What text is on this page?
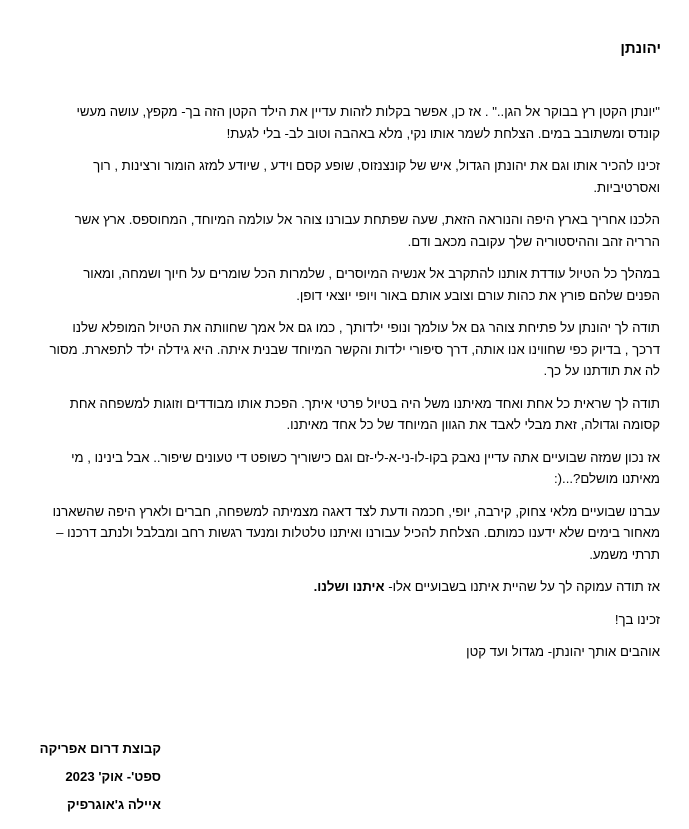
יהונתן

"יונתן הקטן רץ בבוקר אל הגן.." . אז כן, אפשר בקלות לזהות עדיין את הילד הקטן הזה בך- מקפץ, עושה מעשי קונדס ומשתובב במים. הצלחת לשמר אותו נקי, מלא באהבה וטוב לב- בלי לגעת!

זכינו להכיר אותו וגם את יהונתן הגדול, איש של קונצנזוס, שופע קסם וידע , שיודע למזג הומור ורצינות , רוך ואסרטיביות.

הלכנו אחריך בארץ היפה והנוראה הזאת, שעה שפתחת עבורנו צוהר אל עולמה המיוחד, המחוספס. ארץ אשר הרריה זהב וההיסטוריה שלך עקובה מכאב ודם.

במהלך כל הטיול עודדת אותנו להתקרב אל אנשיה המיוסרים , שלמרות הכל שומרים על חיוך ושמחה, ומאור הפנים שלהם פורץ את כהות עורם וצובע אותם באור ויופי יוצאי דופן.

תודה לך יהונתן על פתיחת צוהר גם אל עולמך ונופי ילדותך , כמו גם אל אמך שחוותה את הטיול המופלא שלנו דרכך , בדיוק כפי שחווינו אנו אותה, דרך סיפורי ילדות והקשר המיוחד שבנית איתה. היא גידלה ילד לתפארת. מסור לה את תודתנו על כך.

תודה לך שראית כל אחת ואחד מאיתנו משל היה בטיול פרטי איתך. הפכת אותו מבודדים וזוגות למשפחה אחת קסומה וגדולה, זאת מבלי לאבד את הגוון המיוחד של כל אחד מאיתנו.

אז נכון שמזה שבועיים אתה עדיין נאבק בקו-לו-ני-א-לי-זם וגם כישוריך כשופט די טעונים שיפור.. אבל בינינו , מי מאיתנו מושלם?...(:

עברנו שבועיים מלאי צחוק, קירבה, יופי, חכמה ודעת לצד דאגה מצמיתה למשפחה, חברים ולארץ היפה שהשארנו מאחור בימים שלא ידענו כמותם. הצלחת להכיל עבורנו ואיתנו טלטלות ומנעד רגשות רחב ומבלבל ולנתב דרכנו – תרתי משמע.

אז תודה עמוקה לך על שהיית איתנו בשבועיים אלו- איתנו ושלנו.

זכינו בך!

אוהבים אותך יהונתן- מגדול ועד קטן

קבוצת דרום אפריקה
ספט'- אוק' 2023
איילה ג'אוגרפיק
